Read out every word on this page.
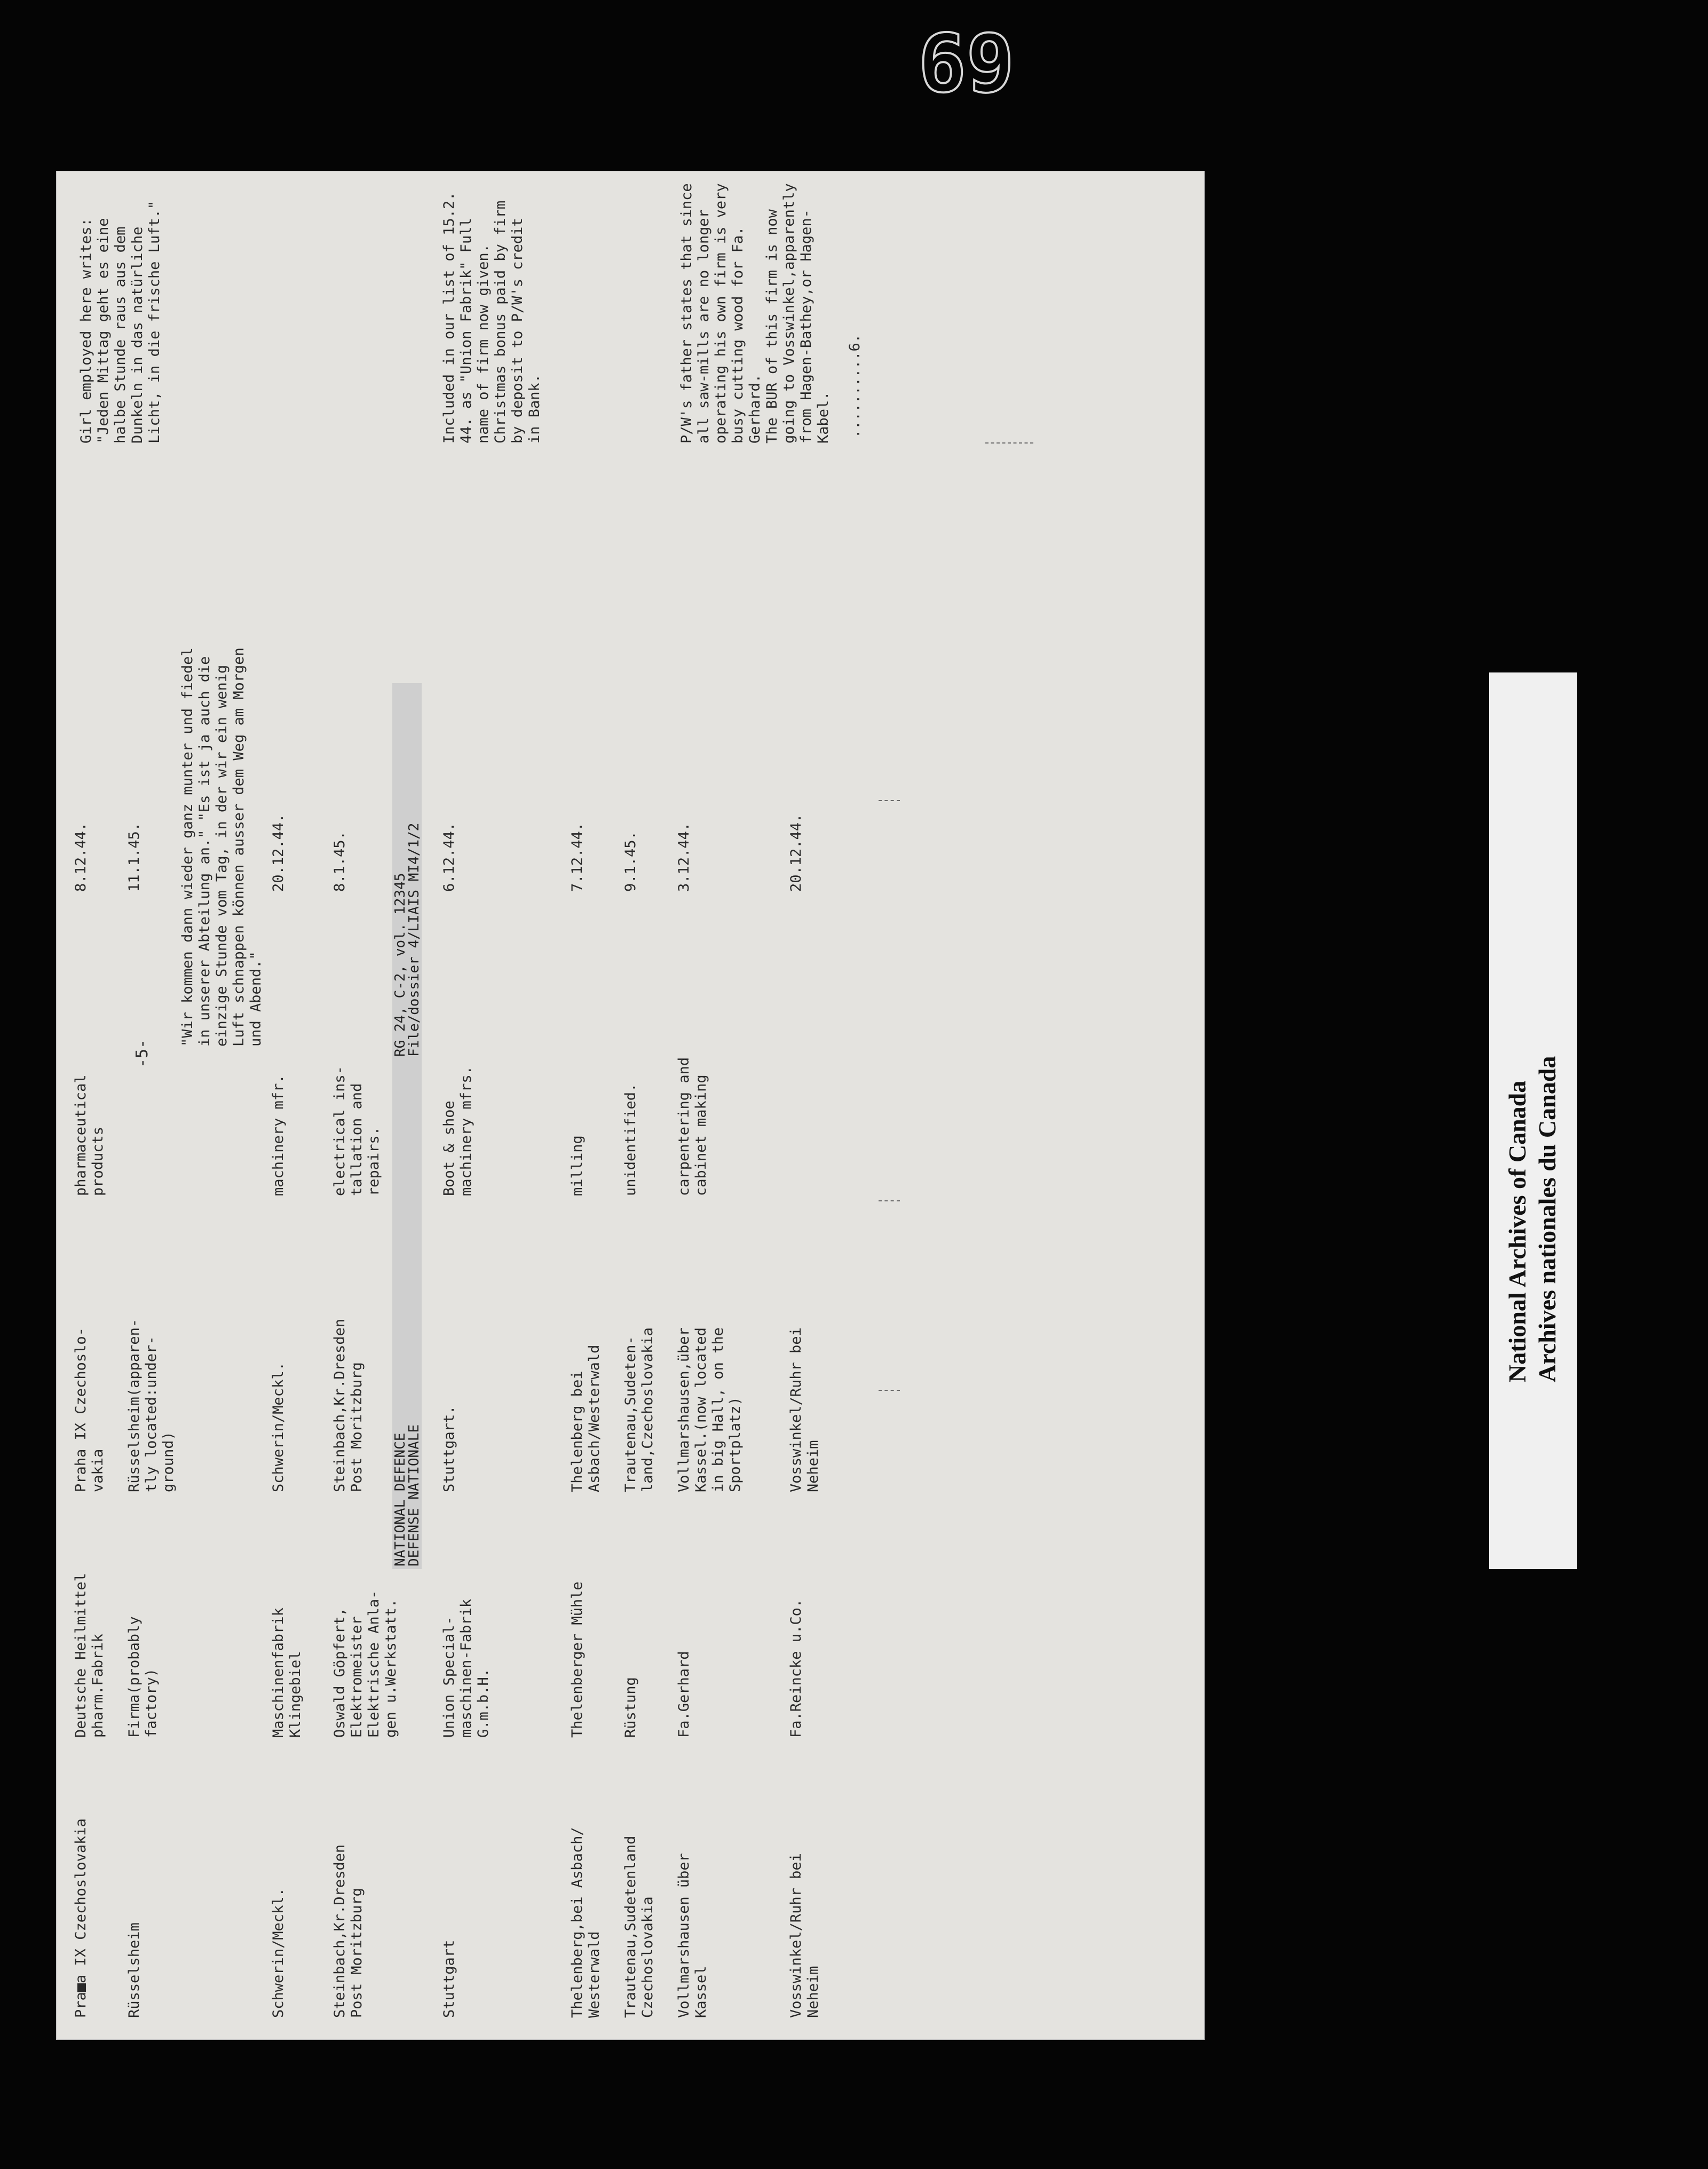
69
-5-
Pra■a IX Czechoslovakia
Deutsche Heilmittel
pharm.Fabrik
Praha IX Czechoslo-
vakia
pharmaceutical
products
8.12.44.
Rüsselsheim
Firma(probably
factory)
Rüsselsheim(apparen-
tly located:under-
ground)
11.1.45.
Girl employed here writes:
"Jeden Mittag geht es eine
halbe Stunde raus aus dem
Dunkeln in das natürliche
Licht, in die frische Luft."
"Wir kommen dann wieder ganz munter und fiedel
in unserer Abteilung an." "Es ist ja auch die
einzige Stunde vom Tag, in der wir ein wenig
Luft schnappen können ausser dem Weg am Morgen
und Abend."
Schwerin/Meckl.
Maschinenfabrik
Klingebiel
Schwerin/Meckl.
machinery mfr.
20.12.44.
Steinbach,Kr.Dresden
Post Moritzburg
Oswald Göpfert,
Elektromeister
Elektrische Anla-
gen u.Werkstatt.
Steinbach,Kr.Dresden
Post Moritzburg
electrical ins-
tallation and
repairs.
8.1.45.
Stuttgart
Union Special-
maschinen-Fabrik
G.m.b.H.
Stuttgart.
Boot & shoe
machinery mfrs.
6.12.44.
Included in our list of 15.2.
44. as "Union Fabrik" Full
name of firm now given.
Christmas bonus paid by firm
by deposit to P/W's credit
in Bank.
Thelenberg,bei Asbach/
Westerwald
Thelenberger Mühle
Thelenberg bei
Asbach/Westerwald
milling
7.12.44.
Trautenau,Sudetenland
Czechoslovakia
Rüstung
Trautenau,Sudeten-
land,Czechoslovakia
unidentified.
9.1.45.
Vollmarshausen über
Kassel
Fa.Gerhard
Vollmarshausen,über
Kassel.(now located
in big Hall, on the
Sportplatz)
carpentering and
cabinet making
3.12.44.
P/W's father states that since
all saw-mills are no longer
operating his own firm is very
busy cutting wood for Fa.
Gerhard.
Vosswinkel/Ruhr bei
Neheim
Fa.Reincke u.Co.
Vosswinkel/Ruhr bei
Neheim
20.12.44.
The BUR of this firm is now
going to Vosswinkel,apparently
from Hagen-Bathey,or Hagen-
Kabel. ..........6.
NATIONAL DEFENCE
DEFENSE NATIONALE
RG 24, C-2, vol. 12345
File/dossier 4/LIAIS MI4/1/2
National Archives of Canada Archives nationales du Canada
